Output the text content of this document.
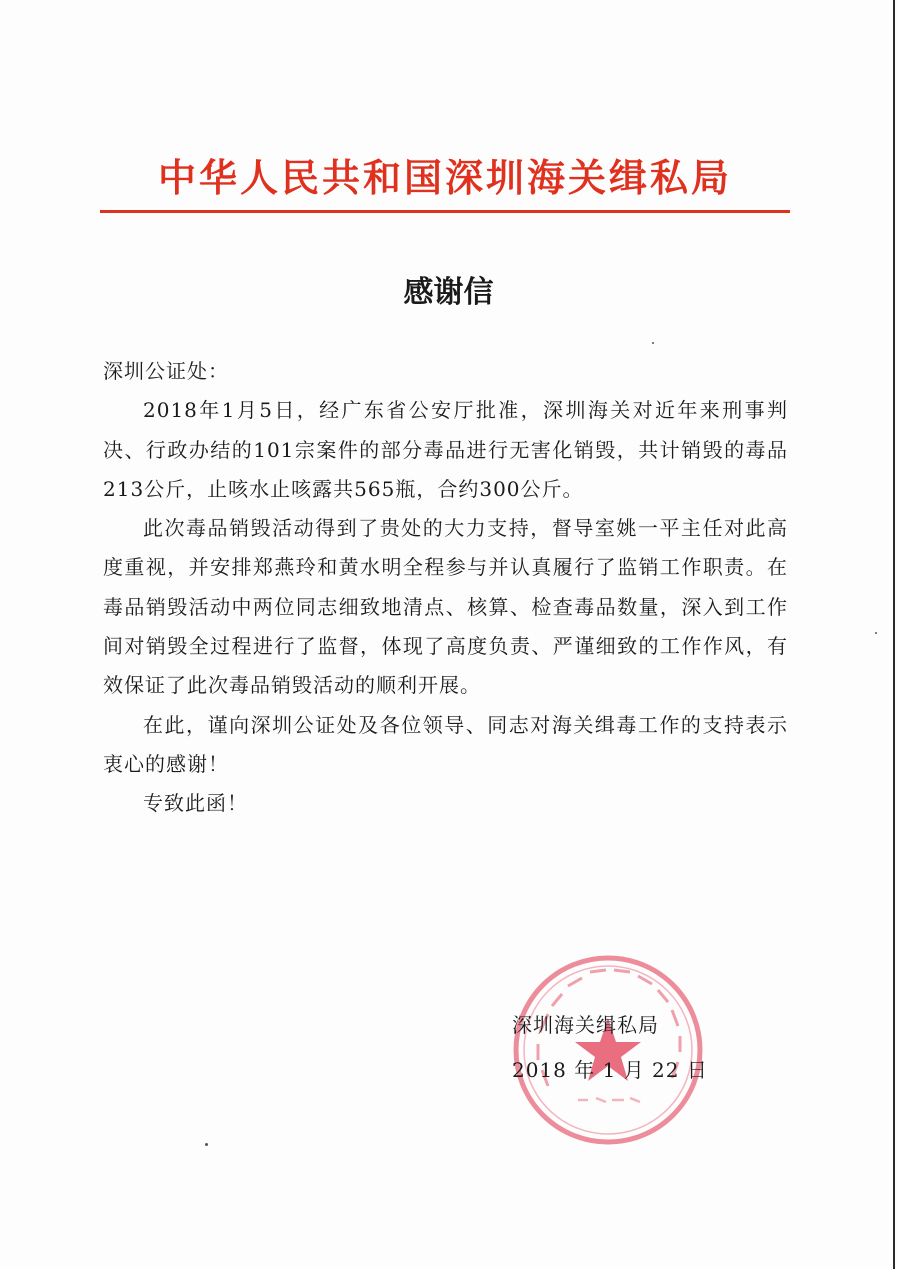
中华人民共和国深圳海关缉私局
感谢信

深圳公证处：

2018年1月5日，经广东省公安厅批准，深圳海关对近年来刑事判决、行政办结的101宗案件的部分毒品进行无害化销毁，共计销毁的毒品213公斤，止咳水止咳露共565瓶，合约300公斤。

此次毒品销毁活动得到了贵处的大力支持，督导室姚一平主任对此高度重视，并安排郑燕玲和黄水明全程参与并认真履行了监销工作职责。在毒品销毁活动中两位同志细致地清点、核算、检查毒品数量，深入到工作间对销毁全过程进行了监督，体现了高度负责、严谨细致的工作作风，有效保证了此次毒品销毁活动的顺利开展。

在此，谨向深圳公证处及各位领导、同志对海关缉毒工作的支持表示衷心的感谢！

专致此函！

深圳海关缉私局
2018 年 1 月 22 日
